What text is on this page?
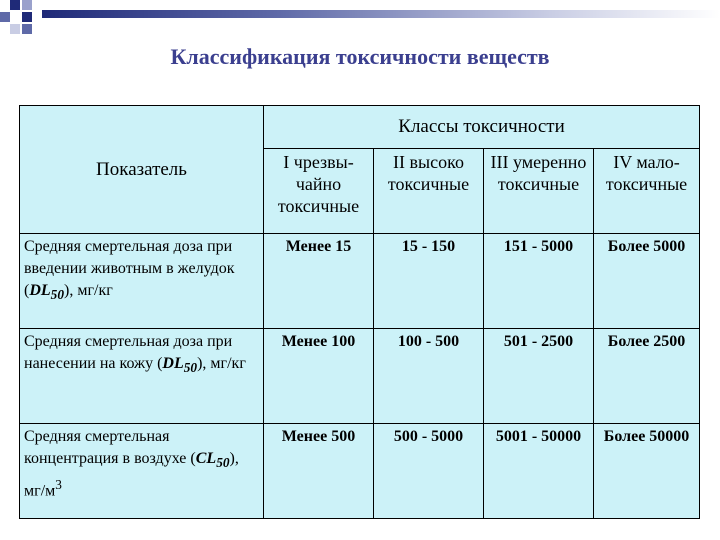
Классификация токсичности веществ
Показатель	Классы токсичности			
	I чрезвы-чайно токсичные	II высоко токсичные	III умеренно токсичные	IV мало-токсичные
Средняя смертельная доза при введении животным в желудок $(DL_{50})$, мг/кг	Менее 15	15 - 150	151 - 5000	Более 5000
Средняя смертельная доза при нанесении на кожу $(DL_{50})$, мг/кг	Менее 100	100 - 500	501 - 2500	Более 2500
Средняя смертельная концентрация в воздухе $(CL_{50})$, $мг/м^3$	Менее 500	500 - 5000	5001 - 50000	Более 50000
